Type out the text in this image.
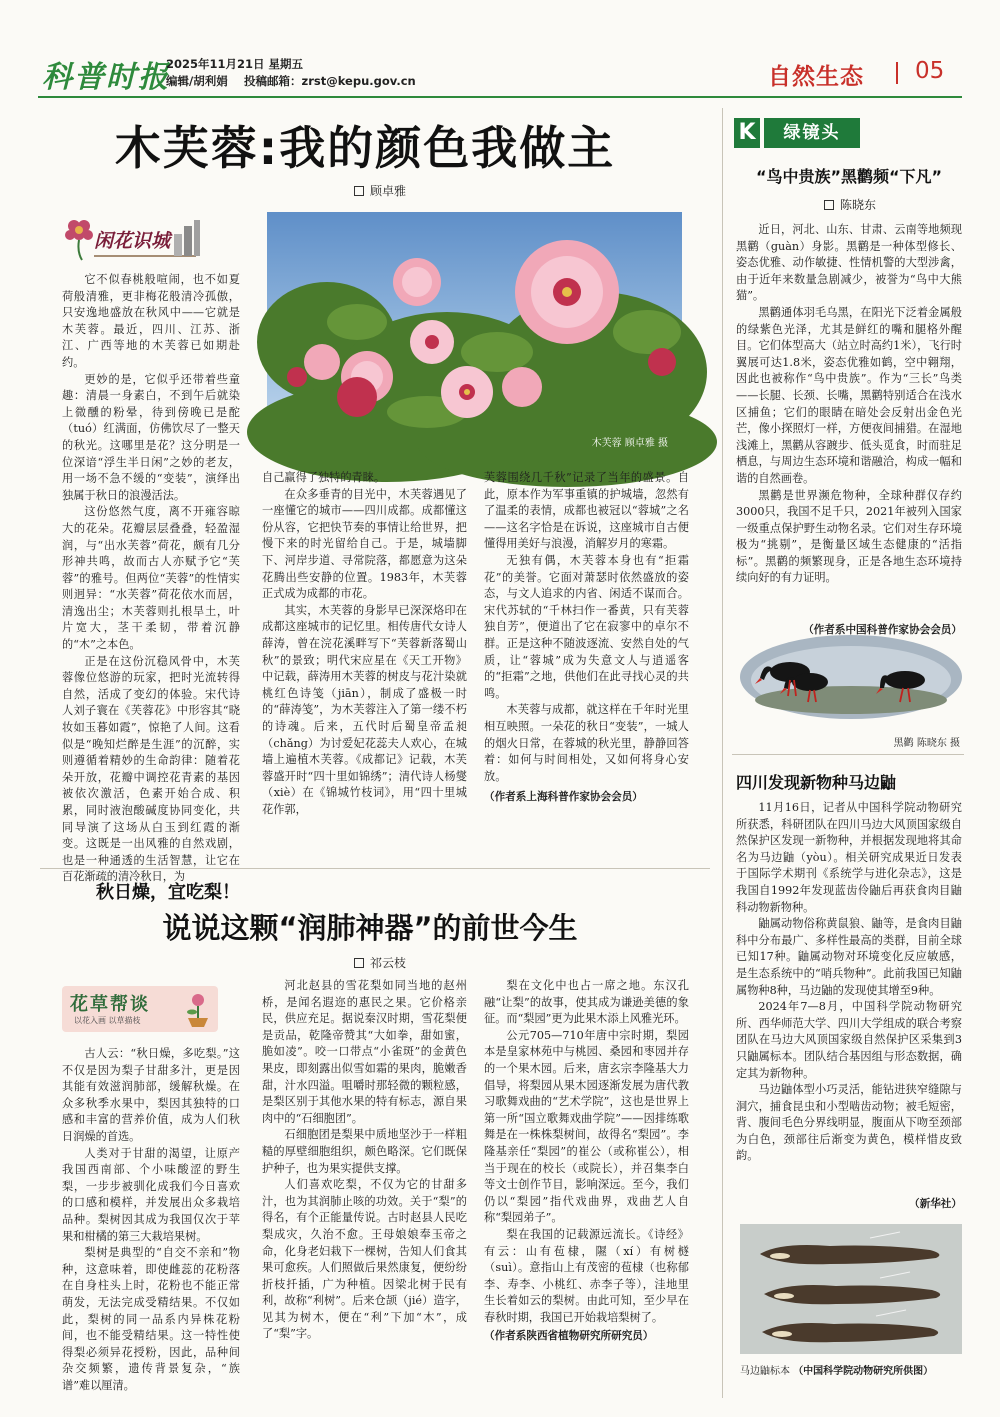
科普时报
2025年11月21日 星期五
编辑/胡利娟 投稿邮箱：zrst@kepu.gov.cn	自然生态 05
木芙蓉:我的颜色我做主
顾卓雅
闲花识城
木芙蓉 顾卓雅 摄

它不似春桃般喧闹，也不如夏荷般清雅，更非梅花般清冷孤傲，只安逸地盛放在秋风中——它就是木芙蓉。最近，四川、江苏、浙江、广西等地的木芙蓉已如期赴约。

更妙的是，它似乎还带着些童趣：清晨一身素白，不到午后就染上微醺的粉晕，待到傍晚已是酡（tuó）红满面，仿佛饮尽了一整天的秋光。这哪里是花？这分明是一位深谙“浮生半日闲”之妙的老友，用一场不急不缓的“变装”，演绎出独属于秋日的浪漫活法。

这份悠然气度，离不开雍容晾大的花朵。花瓣层层叠叠，轻盈湿润，与“出水芙蓉”荷花，颇有几分形神共鸣，故而古人亦赋予它“芙蓉”的雅号。但两位“芙蓉”的性情实则迥异：“水芙蓉”荷花依水而居，清逸出尘；木芙蓉则扎根旱土，叶片宽大，茎干柔韧，带着沉静的“木”之本色。

正是在这份沉稳风骨中，木芙蓉像位悠游的玩家，把时光流转得自然，活成了变幻的体验。宋代诗人刘子寰在《芙蓉花》中形容其“晓妆如玉暮如霞”，惊艳了人间。这看似是“晚知烂醉是生涯”的沉醉，实则遵循着精妙的生命韵律：随着花朵开放，花瓣中调控花青素的基因被依次激活，色素开始合成、积累，同时液泡酸碱度协同变化，共同导演了这场从白玉到红霞的渐变。这既是一出风雅的自然戏剧，也是一种通透的生活智慧，让它在百花渐疏的清冷秋日，为

自己赢得了独特的青睐。

在众多垂青的目光中，木芙蓉遇见了一座懂它的城市——四川成都。成都懂这份从容，它把快节奏的事情让给世界，把慢下来的时光留给自己。于是，城墙脚下、河岸步道、寻常院落，都愿意为这朵花腾出些安静的位置。1983年，木芙蓉正式成为成都的市花。

其实，木芙蓉的身影早已深深烙印在成都这座城市的记忆里。相传唐代女诗人薛涛，曾在浣花溪畔写下“芙蓉新落蜀山秋”的景致；明代宋应星在《天工开物》中记载，薛涛用木芙蓉的树皮与花汁染就桃红色诗笺（jiān），制成了盛极一时的“薛涛笺”，为木芙蓉注入了第一缕不朽的诗魂。后来，五代时后蜀皇帝孟昶（chǎng）为讨爱妃花蕊夫人欢心，在城墙上遍植木芙蓉。《成都记》记载，木芙蓉盛开时“四十里如锦绣”；清代诗人杨燮（xiè）在《锦城竹枝词》，用“四十里城花作郭，

芙蓉围绕几千秋”记录了当年的盛景。自此，原本作为军事重镇的护城墙，忽然有了温柔的表情，成都也被冠以“蓉城”之名——这名字恰是在诉说，这座城市自古便懂得用美好与浪漫，消解岁月的寒霜。

无独有偶，木芙蓉本身也有“拒霜花”的美誉。它面对萧瑟时依然盛放的姿态，与文人追求的内省、闲适不谋而合。宋代苏轼的“千林扫作一番黄，只有芙蓉独自芳”，便道出了它在寂寥中的卓尔不群。正是这种不随波逐流、安然自处的气质，让“蓉城”成为失意文人与逍遥客的“拒霜”之地，供他们在此寻找心灵的共鸣。

木芙蓉与成都，就这样在千年时光里相互映照。一朵花的秋日“变装”，一城人的烟火日常，在蓉城的秋光里，静静回答着：如何与时间相处，又如何将身心安放。

（作者系上海科普作家协会会员）

秋日燥，宜吃梨！
说说这颗“润肺神器”的前世今生
祁云枝
花草帮谈
以花入画 以草描枝

古人云：“秋日燥，多吃梨。”这不仅是因为梨子甘甜多汁，更是因其能有效滋润肺部，缓解秋燥。在众多秋季水果中，梨因其独特的口感和丰富的营养价值，成为人们秋日润燥的首选。

人类对于甘甜的渴望，让原产我国西南部、个小味酸涩的野生梨，一步步被驯化成我们今日喜欢的口感和模样，并发展出众多栽培品种。梨树因其成为我国仅次于苹果和柑橘的第三大栽培果树。

梨树是典型的“自交不亲和”物种，这意味着，即使雌蕊的花粉落在自身柱头上时，花粉也不能正常萌发，无法完成受精结果。不仅如此，梨树的同一品系内异株花粉间，也不能受精结果。这一特性使得梨必须异花授粉，因此，品种间杂交频繁，遗传背景复杂，“族谱”难以厘清。

河北赵县的雪花梨如同当地的赵州桥，是闻名遐迩的惠民之果。它价格亲民，供应充足。据说秦汉时期，雪花梨便是贡品，乾隆帝赞其“大如拳，甜如蜜，脆如凌”。咬一口带点“小雀斑”的金黄色果皮，即刻露出似雪如霜的果肉，脆嫩香甜，汁水四溢。咀嚼时那轻微的颗粒感，是梨区别于其他水果的特有标志，源自果肉中的“石细胞团”。

石细胞团是梨果中质地坚沙于一样粗糙的厚壁细胞组织，颇色略深。它们既保护种子，也为果实提供支撑。

人们喜欢吃梨，不仅为它的甘甜多汁，也为其润肺止咳的功效。关于“梨”的得名，有个正能量传说。古时赵县人民吃梨成灾，久治不愈。王母娘娘奉玉帝之命，化身老妇栽下一棵树，告知人们食其果可愈疾。人们照做后果然康复，便纷纷折枝扦插，广为种植。因梁北树于民有利，故称“利树”。后来仓颉（jié）造字，见其为树木，便在“利”下加“木”，成了“梨”字。

梨在文化中也占一席之地。东汉孔融“让梨”的故事，使其成为谦逊美德的象征。而“梨园”更为此果木添上风雅光环。

公元705—710年唐中宗时期，梨园本是皇家林苑中与桃园、桑园和枣园并存的一个果木园。后来，唐玄宗李隆基大力倡导，将梨园从果木园逐渐发展为唐代教习歌舞戏曲的“艺术学院”，这也是世界上第一所“国立歌舞戏曲学院”——因排练歌舞是在一株株梨树间，故得名“梨园”。李隆基亲任“梨园”的崔公（或称崔公），相当于现在的校长（或院长），并召集李白等文士创作节目，影响深远。至今，我们仍以“梨园”指代戏曲界，戏曲艺人自称“梨园弟子”。

梨在我国的记载源远流长。《诗经》有云：山有苞棣，隰（xí）有树檖（suì）。意指山上有茂密的苞棣（也称郁李、寿李、小桃红、赤李子等），洼地里生长着如云的梨树。由此可知，至少早在春秋时期，我国已开始栽培梨树了。

（作者系陕西省植物研究所研究员）

K	绿镜头
“鸟中贵族”黑鹳频“下凡”
陈晓东

近日，河北、山东、甘肃、云南等地频现黑鹳（guàn）身影。黑鹳是一种体型修长、姿态优雅、动作敏捷、性情机警的大型涉禽，由于近年来数量急剧减少，被誉为“鸟中大熊猫”。

黑鹳通体羽毛乌黑，在阳光下泛着金属般的绿紫色光泽，尤其是鲜红的嘴和腿格外醒目。它们体型高大（站立时高约1米），飞行时翼展可达1.8米，姿态优雅如鹤，空中翱翔，因此也被称作“鸟中贵族”。作为“三长”鸟类——长腿、长颈、长嘴，黑鹳特别适合在浅水区捕鱼；它们的眼睛在暗处会反射出金色光芒，像小探照灯一样，方便夜间捕猎。在湿地浅滩上，黑鹳从容踱步、低头觅食，时而驻足栖息，与周边生态环境和谐融洽，构成一幅和谐的自然画卷。

黑鹳是世界濒危物种，全球种群仅存约3000只，我国不足千只，2021年被列入国家一级重点保护野生动物名录。它们对生存环境极为“挑剔”，是衡量区域生态健康的“活指标”。黑鹳的频繁现身，正是各地生态环境持续向好的有力证明。

（作者系中国科普作家协会会员）
黑鹳 陈晓东 摄
四川发现新物种马边鼬

11月16日，记者从中国科学院动物研究所获悉，科研团队在四川马边大风顶国家级自然保护区发现一新物种，并根据发现地将其命名为马边鼬（yòu）。相关研究成果近日发表于国际学术期刊《系统学与进化杂志》，这是我国自1992年发现蓝齿伶鼬后再获食肉目鼬科动物新物种。

鼬属动物俗称黄鼠狼、鼬等，是食肉目鼬科中分布最广、多样性最高的类群，目前全球已知17种。鼬属动物对环境变化反应敏感，是生态系统中的“哨兵物种”。此前我国已知鼬属物种8种，马边鼬的发现使其增至9种。

2024年7—8月，中国科学院动物研究所、西华师范大学、四川大学组成的联合考察团队在马边大风顶国家级自然保护区采集到3只鼬属标本。团队结合基因组与形态数据，确定其为新物种。

马边鼬体型小巧灵活，能钻进狭窄缝隙与洞穴，捕食昆虫和小型啮齿动物；被毛短密，背、腹间毛色分界线明显，腹面从下吻至颈部为白色，颈部往后渐变为黄色，模样惜皮致韵。

（新华社）
马边鼬标本 （中国科学院动物研究所供图）
